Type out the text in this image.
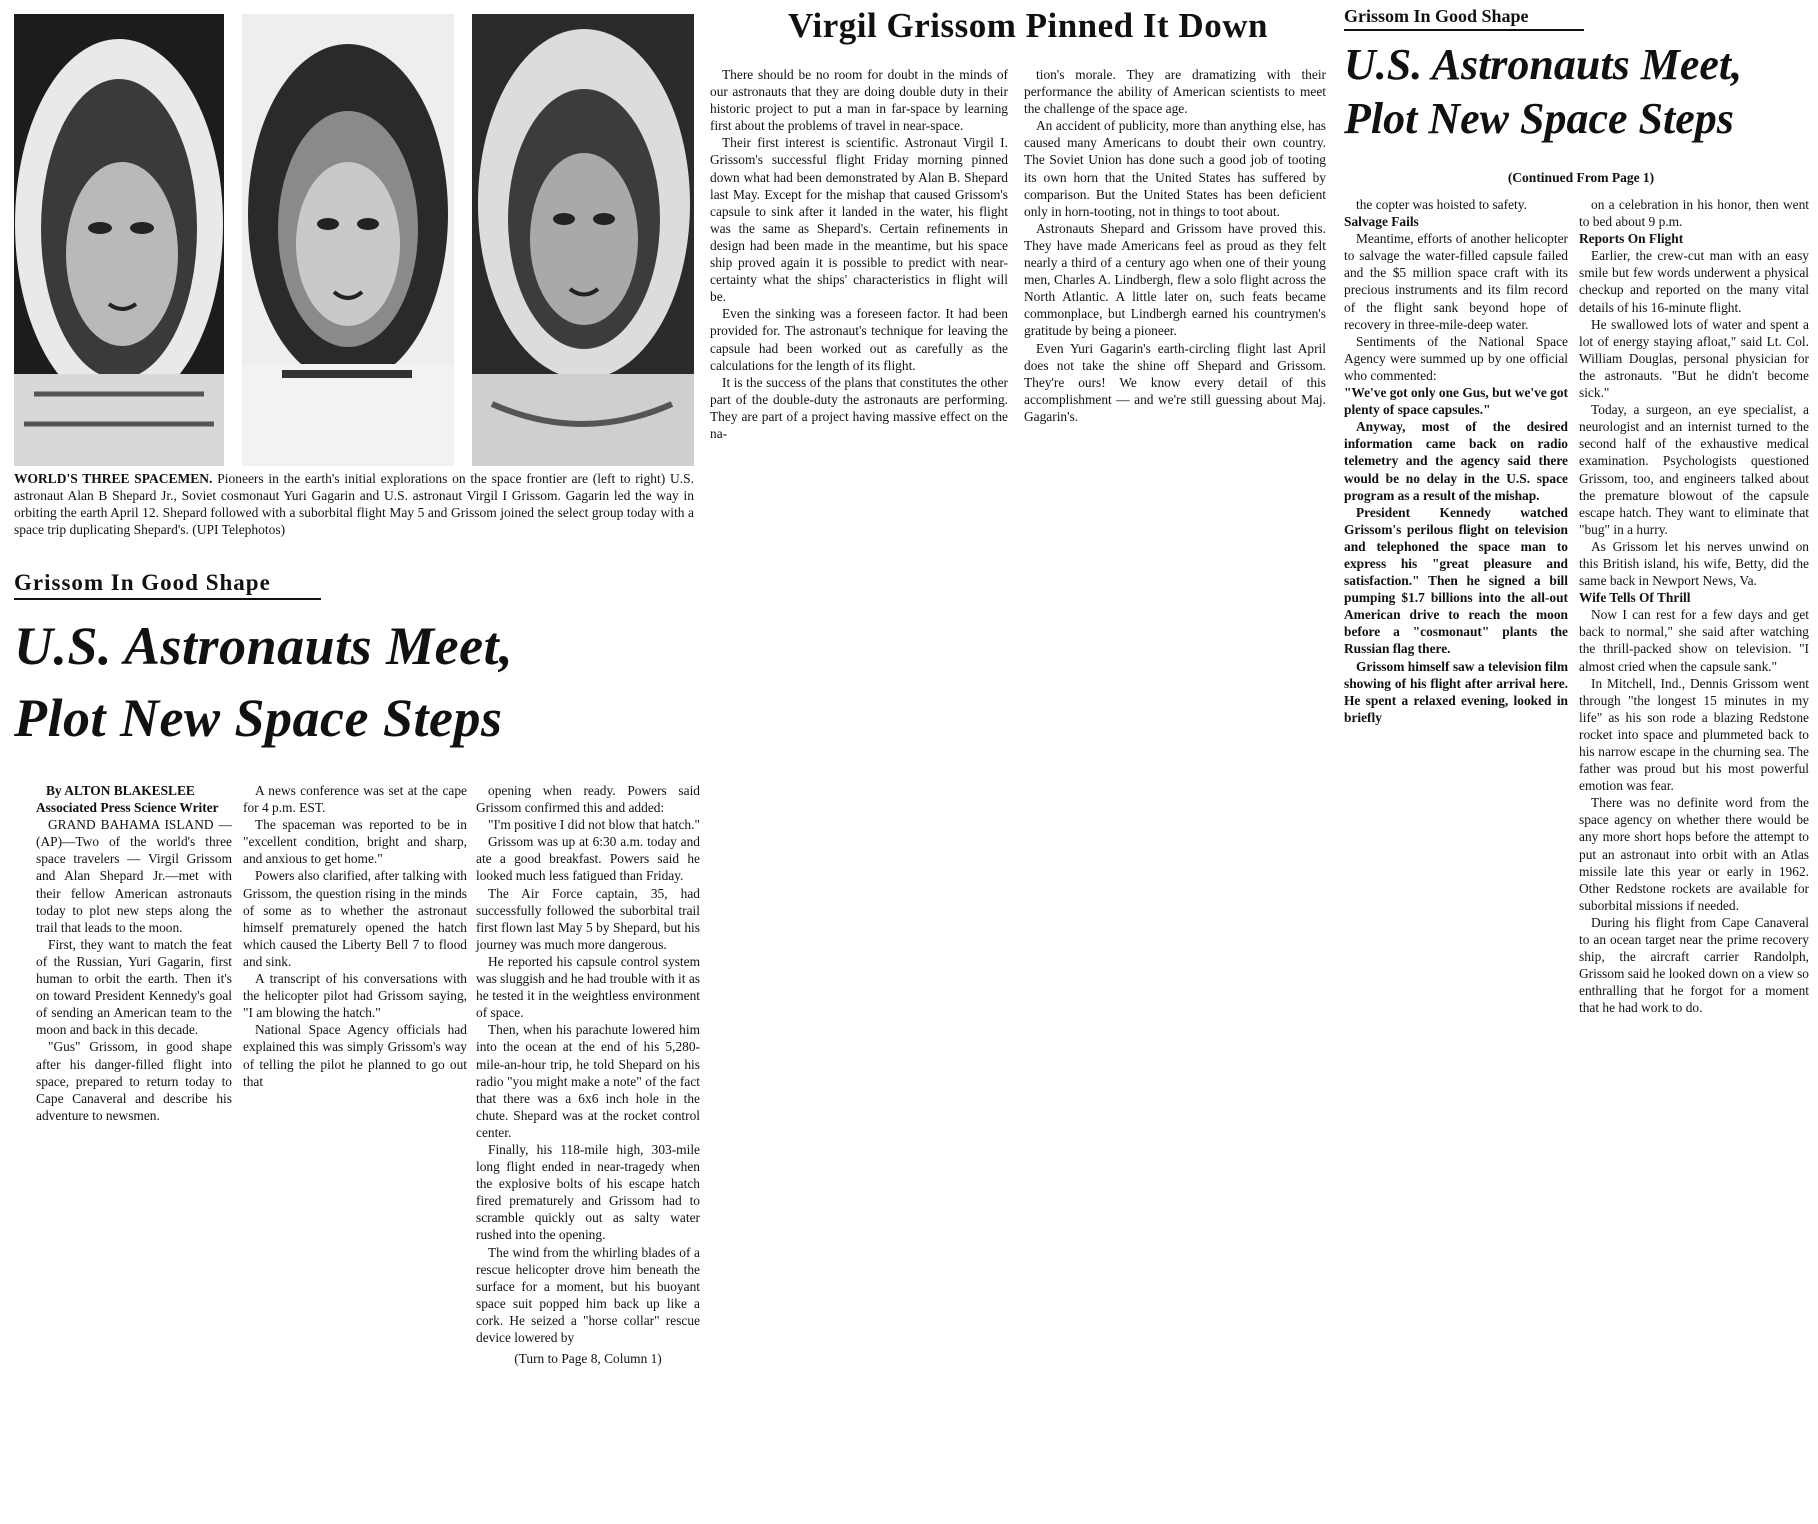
WORLD'S THREE SPACEMEN. Pioneers in the earth's initial explorations on the space frontier are (left to right) U.S. astronaut Alan B Shepard Jr., Soviet cosmonaut Yuri Gagarin and U.S. astronaut Virgil I Grissom. Gagarin led the way in orbiting the earth April 12. Shepard followed with a suborbital flight May 5 and Grissom joined the select group today with a space trip duplicating Shepard's. (UPI Telephotos)
Grissom In Good Shape
U.S. Astronauts Meet,
Plot New Space Steps

By ALTON BLAKESLEE

Associated Press Science Writer

GRAND BAHAMA ISLAND — (AP)—Two of the world's three space travelers — Virgil Grissom and Alan Shepard Jr.—met with their fellow American astronauts today to plot new steps along the trail that leads to the moon.

First, they want to match the feat of the Russian, Yuri Gagarin, first human to orbit the earth. Then it's on toward President Kennedy's goal of sending an American team to the moon and back in this decade.

"Gus" Grissom, in good shape after his danger-filled flight into space, prepared to return today to Cape Canaveral and describe his adventure to newsmen.

A news conference was set at the cape for 4 p.m. EST.

The spaceman was reported to be in "excellent condition, bright and sharp, and anxious to get home."

Powers also clarified, after talking with Grissom, the question rising in the minds of some as to whether the astronaut himself prematurely opened the hatch which caused the Liberty Bell 7 to flood and sink.

A transcript of his conversations with the helicopter pilot had Grissom saying, "I am blowing the hatch."

National Space Agency officials had explained this was simply Grissom's way of telling the pilot he planned to go out that

opening when ready. Powers said Grissom confirmed this and added:

"I'm positive I did not blow that hatch."

Grissom was up at 6:30 a.m. today and ate a good breakfast. Powers said he looked much less fatigued than Friday.

The Air Force captain, 35, had successfully followed the suborbital trail first flown last May 5 by Shepard, but his journey was much more dangerous.

He reported his capsule control system was sluggish and he had trouble with it as he tested it in the weightless environment of space.

Then, when his parachute lowered him into the ocean at the end of his 5,280-mile-an-hour trip, he told Shepard on his radio "you might make a note" of the fact that there was a 6x6 inch hole in the chute. Shepard was at the rocket control center.

Finally, his 118-mile high, 303-mile long flight ended in near-tragedy when the explosive bolts of his escape hatch fired prematurely and Grissom had to scramble quickly out as salty water rushed into the opening.

The wind from the whirling blades of a rescue helicopter drove him beneath the surface for a moment, but his buoyant space suit popped him back up like a cork. He seized a "horse collar" rescue device lowered by

(Turn to Page 8, Column 1)

Virgil Grissom Pinned It Down

There should be no room for doubt in the minds of our astronauts that they are doing double duty in their historic project to put a man in far-space by learning first about the problems of travel in near-space.

Their first interest is scientific. Astronaut Virgil I. Grissom's successful flight Friday morning pinned down what had been demonstrated by Alan B. Shepard last May. Except for the mishap that caused Grissom's capsule to sink after it landed in the water, his flight was the same as Shepard's. Certain refinements in design had been made in the meantime, but his space ship proved again it is possible to predict with near-certainty what the ships' characteristics in flight will be.

Even the sinking was a foreseen factor. It had been provided for. The astronaut's technique for leaving the capsule had been worked out as carefully as the calculations for the length of its flight.

It is the success of the plans that constitutes the other part of the double-duty the astronauts are performing. They are part of a project having massive effect on the na-

tion's morale. They are dramatizing with their performance the ability of American scientists to meet the challenge of the space age.

An accident of publicity, more than anything else, has caused many Americans to doubt their own country. The Soviet Union has done such a good job of tooting its own horn that the United States has suffered by comparison. But the United States has been deficient only in horn-tooting, not in things to toot about.

Astronauts Shepard and Grissom have proved this. They have made Americans feel as proud as they felt nearly a third of a century ago when one of their young men, Charles A. Lindbergh, flew a solo flight across the North Atlantic. A little later on, such feats became commonplace, but Lindbergh earned his countrymen's gratitude by being a pioneer.

Even Yuri Gagarin's earth-circling flight last April does not take the shine off Shepard and Grissom. They're ours! We know every detail of this accomplishment — and we're still guessing about Maj. Gagarin's.

Grissom In Good Shape
U.S. Astronauts Meet,
Plot New Space Steps
(Continued From Page 1)

the copter was hoisted to safety.

Salvage Fails

Meantime, efforts of another helicopter to salvage the water-filled capsule failed and the $5 million space craft with its precious instruments and its film record of the flight sank beyond hope of recovery in three-mile-deep water.

Sentiments of the National Space Agency were summed up by one official who commented:

"We've got only one Gus, but we've got plenty of space capsules."

Anyway, most of the desired information came back on radio telemetry and the agency said there would be no delay in the U.S. space program as a result of the mishap.

President Kennedy watched Grissom's perilous flight on television and telephoned the space man to express his "great pleasure and satisfaction." Then he signed a bill pumping $1.7 billions into the all-out American drive to reach the moon before a "cosmonaut" plants the Russian flag there.

Grissom himself saw a television film showing of his flight after arrival here. He spent a relaxed evening, looked in briefly

on a celebration in his honor, then went to bed about 9 p.m.

Reports On Flight

Earlier, the crew-cut man with an easy smile but few words underwent a physical checkup and reported on the many vital details of his 16-minute flight.

He swallowed lots of water and spent a lot of energy staying afloat," said Lt. Col. William Douglas, personal physician for the astronauts. "But he didn't become sick."

Today, a surgeon, an eye specialist, a neurologist and an internist turned to the second half of the exhaustive medical examination. Psychologists questioned Grissom, too, and engineers talked about the premature blowout of the capsule escape hatch. They want to eliminate that "bug" in a hurry.

As Grissom let his nerves unwind on this British island, his wife, Betty, did the same back in Newport News, Va.

Wife Tells Of Thrill

Now I can rest for a few days and get back to normal," she said after watching the thrill-packed show on television. "I almost cried when the capsule sank."

In Mitchell, Ind., Dennis Grissom went through "the longest 15 minutes in my life" as his son rode a blazing Redstone rocket into space and plummeted back to his narrow escape in the churning sea. The father was proud but his most powerful emotion was fear.

There was no definite word from the space agency on whether there would be any more short hops before the attempt to put an astronaut into orbit with an Atlas missile late this year or early in 1962. Other Redstone rockets are available for suborbital missions if needed.

During his flight from Cape Canaveral to an ocean target near the prime recovery ship, the aircraft carrier Randolph, Grissom said he looked down on a view so enthralling that he forgot for a moment that he had work to do.
